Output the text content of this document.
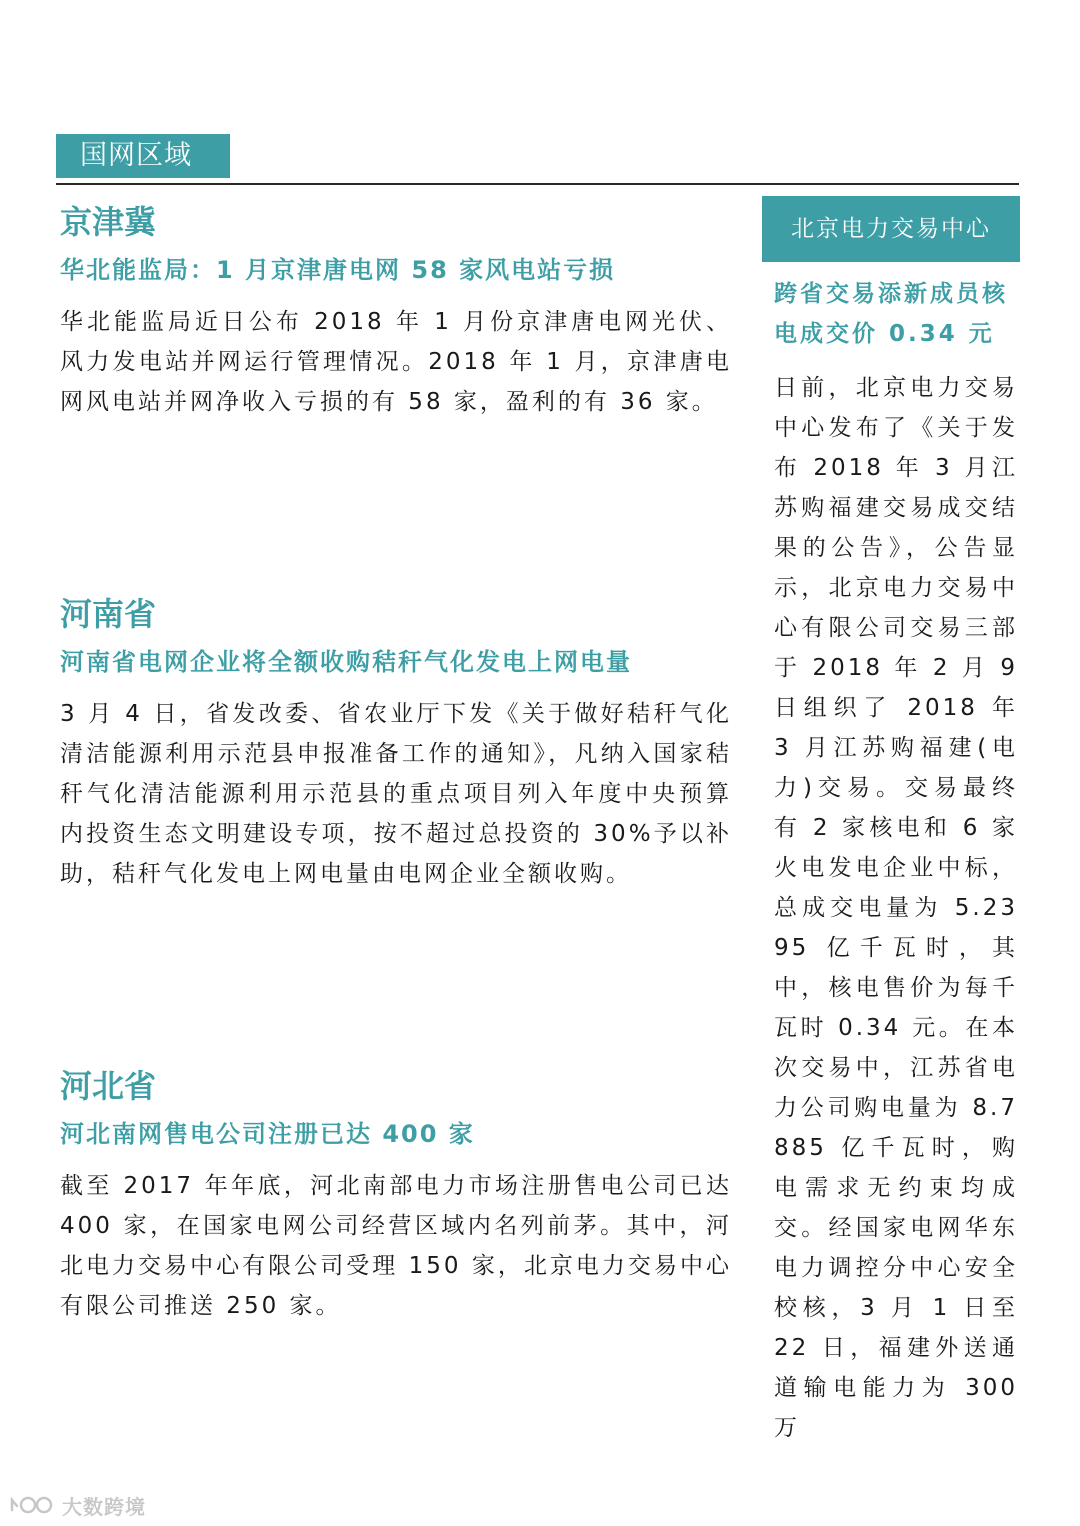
国网区域
京津冀

华北能监局：1 月京津唐电网 58 家风电站亏损

华北能监局近日公布 2018 年 1 月份京津唐电网光伏、风力发电站并网运行管理情况。2018 年 1 月，京津唐电网风电站并网净收入亏损的有 58 家，盈利的有 36 家。

河南省

河南省电网企业将全额收购秸秆气化发电上网电量

3 月 4 日，省发改委、省农业厅下发《关于做好秸秆气化清洁能源利用示范县申报准备工作的通知》，凡纳入国家秸秆气化清洁能源利用示范县的重点项目列入年度中央预算内投资生态文明建设专项，按不超过总投资的 30%予以补助，秸秆气化发电上网电量由电网企业全额收购。

河北省

河北南网售电公司注册已达 400 家

截至 2017 年年底，河北南部电力市场注册售电公司已达 400 家，在国家电网公司经营区域内名列前茅。其中，河北电力交易中心有限公司受理 150 家，北京电力交易中心有限公司推送 250 家。

北京电力交易中心
跨省交易添新成员核电成交价 0.34 元
日前，北京电力交易中心发布了《关于发布 2018 年 3 月江苏购福建交易成交结果的公告》，公告显示，北京电力交易中心有限公司交易三部于 2018 年 2 月 9 日组织了 2018 年 3 月江苏购福建(电力)交易。交易最终有 2 家核电和 6 家火电发电企业中标，总成交电量为 5.2395 亿千瓦时，其中，核电售价为每千瓦时 0.34 元。在本次交易中，江苏省电力公司购电量为 8.7885 亿千瓦时，购电需求无约束均成交。经国家电网华东电力调控分中心安全校核，3 月 1 日至 22 日，福建外送通道输电能力为 300 万
大数跨境
